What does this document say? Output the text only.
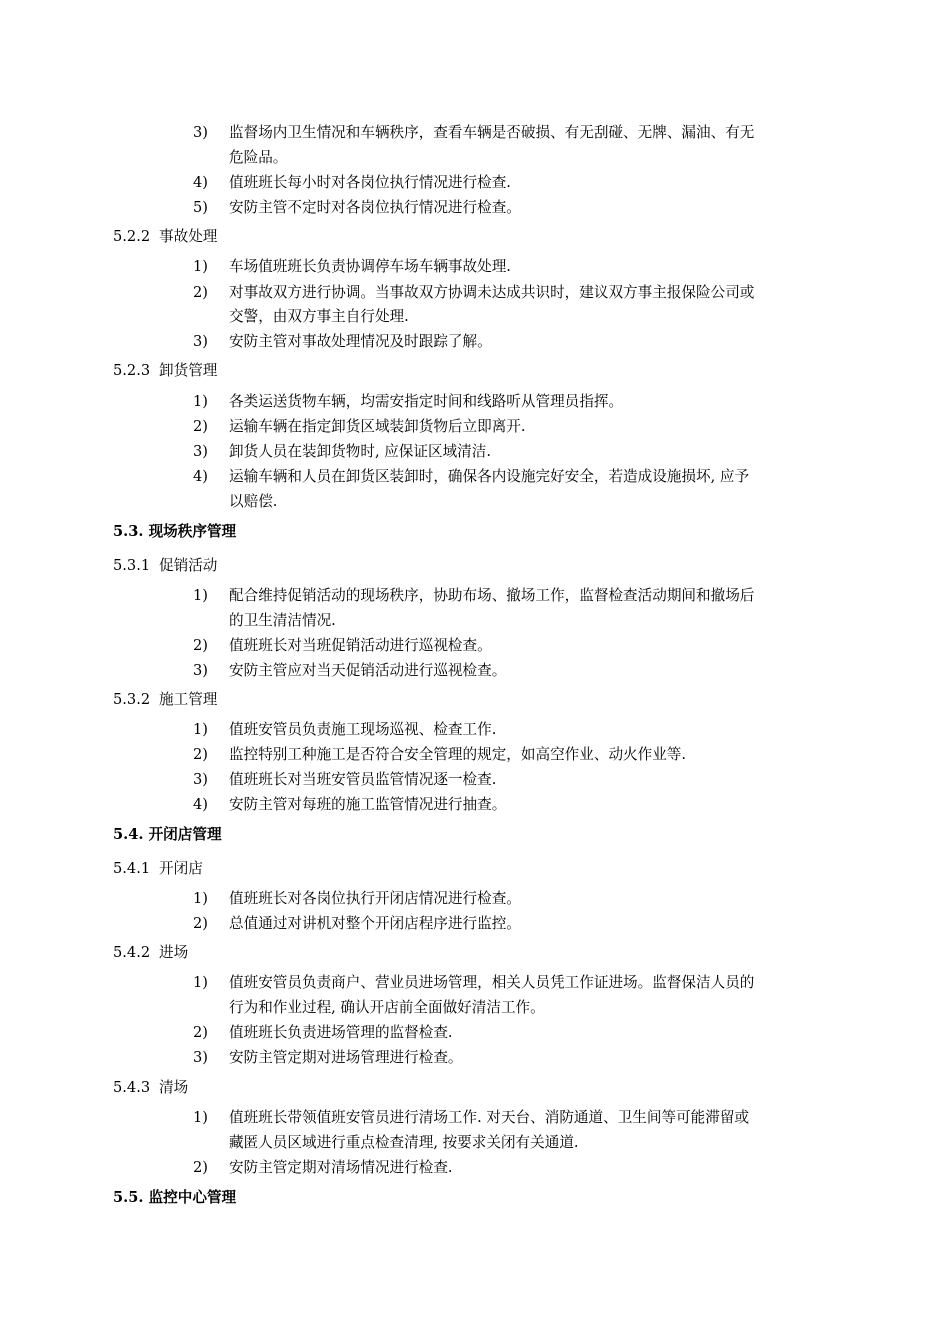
3) 监督场内卫生情况和车辆秩序，查看车辆是否破损、有无刮碰、无牌、漏油、有无
危险品。
4) 值班班长每小时对各岗位执行情况进行检查.
5) 安防主管不定时对各岗位执行情况进行检查。
5.2.2 事故处理
1) 车场值班班长负责协调停车场车辆事故处理.
2) 对事故双方进行协调。当事故双方协调未达成共识时，建议双方事主报保险公司或
交警，由双方事主自行处理.
3) 安防主管对事故处理情况及时跟踪了解。
5.2.3 卸货管理
1) 各类运送货物车辆，均需安指定时间和线路听从管理员指挥。
2) 运输车辆在指定卸货区域装卸货物后立即离开.
3) 卸货人员在装卸货物时, 应保证区域清洁.
4) 运输车辆和人员在卸货区装卸时，确保各内设施完好安全，若造成设施损坏, 应予
以赔偿.
5.3. 现场秩序管理
5.3.1 促销活动
1) 配合维持促销活动的现场秩序，协助布场、撤场工作，监督检查活动期间和撤场后
的卫生清洁情况.
2) 值班班长对当班促销活动进行巡视检查。
3) 安防主管应对当天促销活动进行巡视检查。
5.3.2 施工管理
1) 值班安管员负责施工现场巡视、检查工作.
2) 监控特别工种施工是否符合安全管理的规定，如高空作业、动火作业等.
3) 值班班长对当班安管员监管情况逐一检查.
4) 安防主管对每班的施工监管情况进行抽查。
5.4. 开闭店管理
5.4.1 开闭店
1) 值班班长对各岗位执行开闭店情况进行检查。
2) 总值通过对讲机对整个开闭店程序进行监控。
5.4.2 进场
1) 值班安管员负责商户、营业员进场管理，相关人员凭工作证进场。监督保洁人员的
行为和作业过程, 确认开店前全面做好清洁工作。
2) 值班班长负责进场管理的监督检查.
3) 安防主管定期对进场管理进行检查。
5.4.3 清场
1) 值班班长带领值班安管员进行清场工作. 对天台、消防通道、卫生间等可能滞留或
藏匿人员区域进行重点检查清理, 按要求关闭有关通道.
2) 安防主管定期对清场情况进行检查.
5.5. 监控中心管理
